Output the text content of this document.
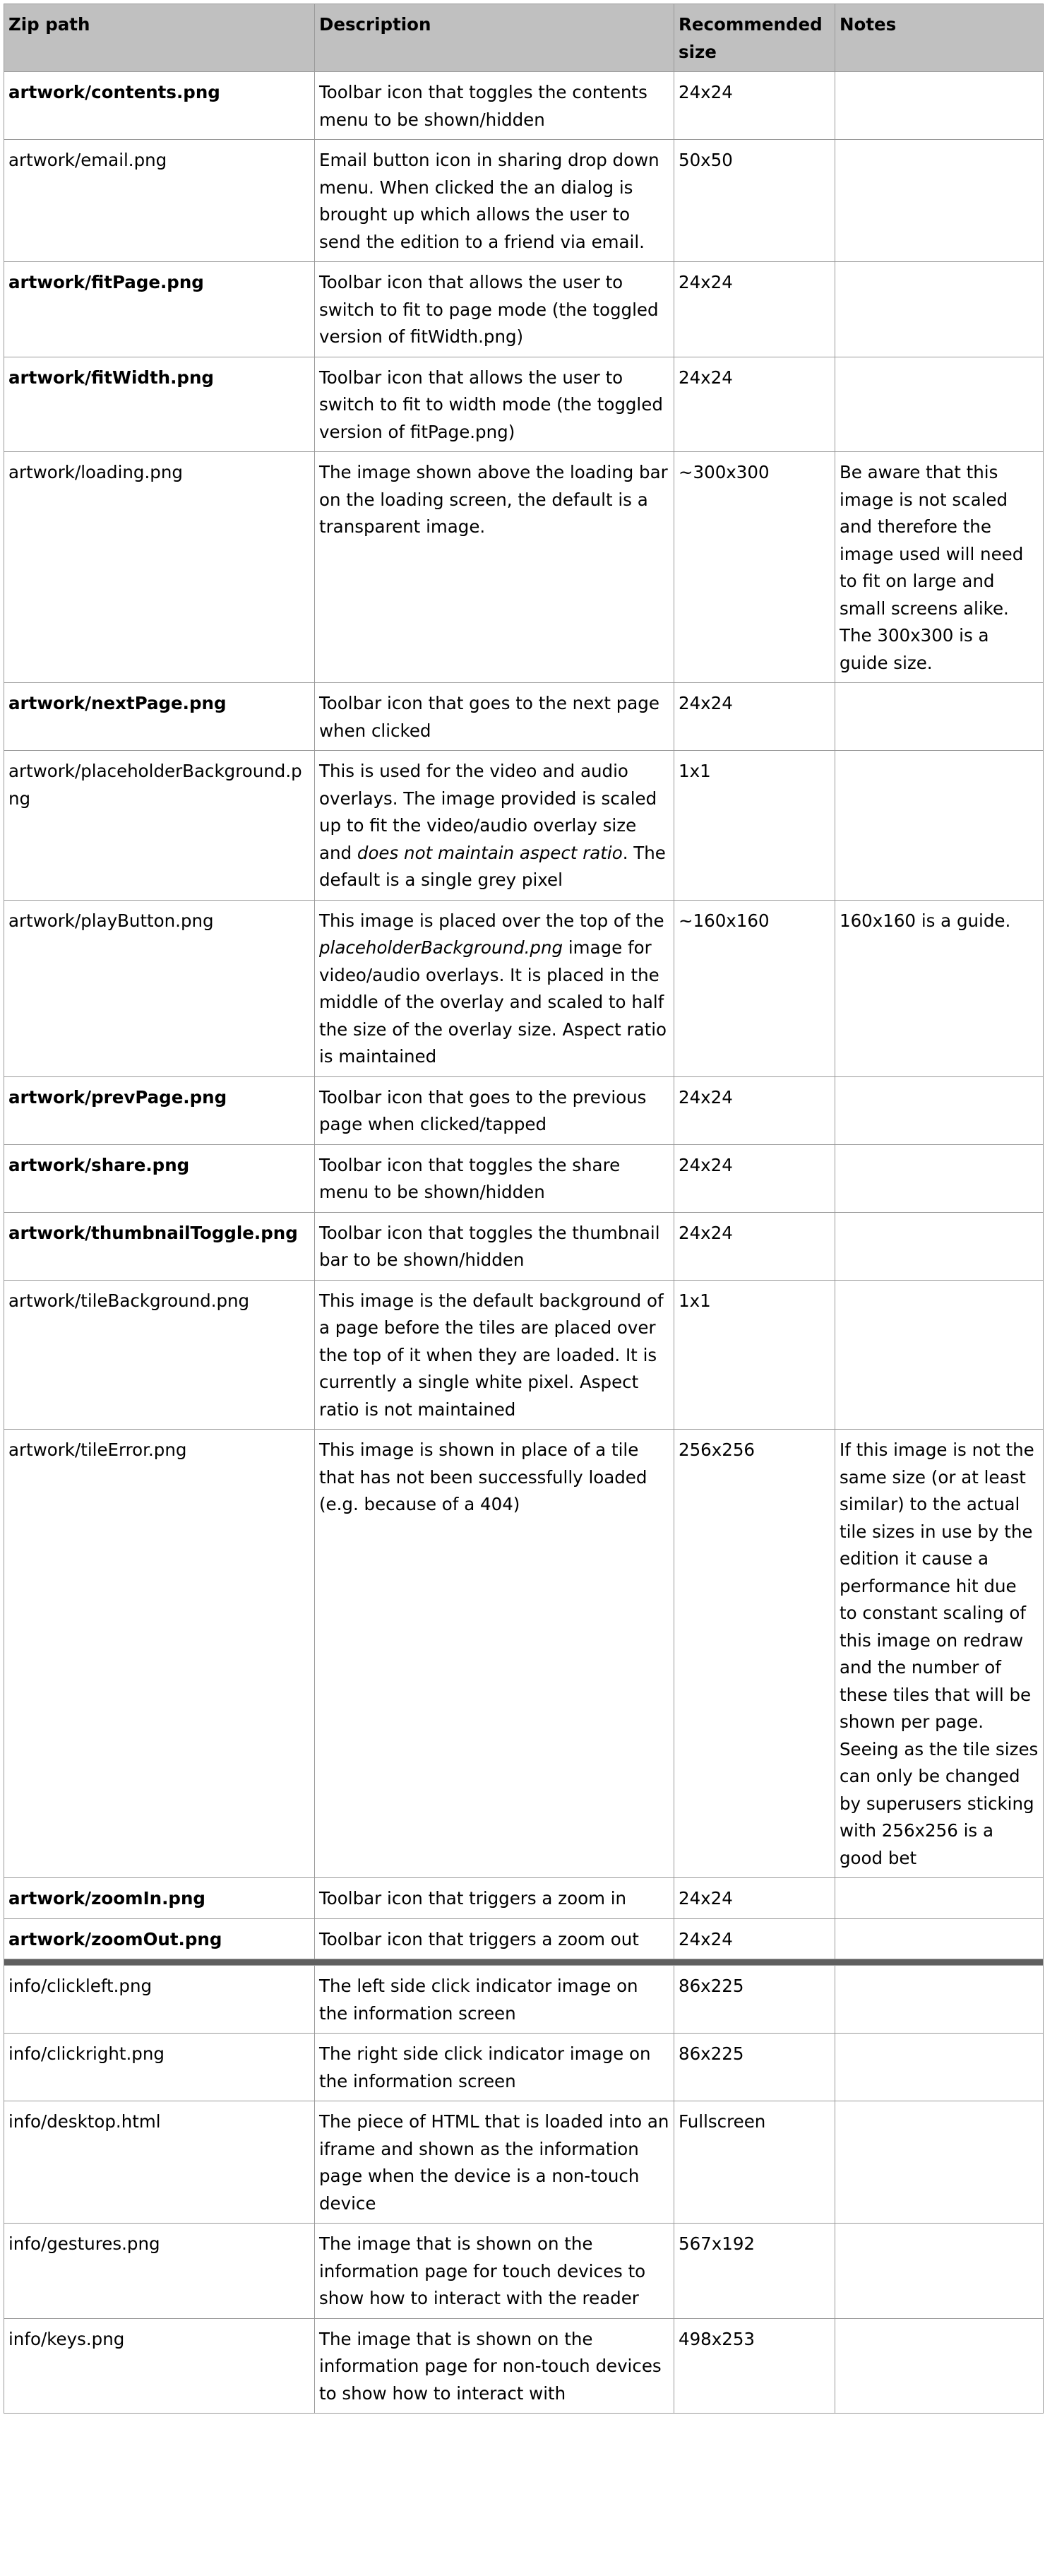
Zip path	Description	Recommended size	Notes
artwork/contents.png	Toolbar icon that toggles the contents menu to be shown/hidden	24x24	
artwork/email.png	Email button icon in sharing drop down menu. When clicked the an dialog is brought up which allows the user to send the edition to a friend via email.	50x50	
artwork/fitPage.png	Toolbar icon that allows the user to switch to fit to page mode (the toggled version of fitWidth.png)	24x24	
artwork/fitWidth.png	Toolbar icon that allows the user to switch to fit to width mode (the toggled version of fitPage.png)	24x24	
artwork/loading.png	The image shown above the loading bar on the loading screen, the default is a transparent image.	~300x300	Be aware that this image is not scaled and therefore the image used will need to fit on large and small screens alike. The 300x300 is a guide size.
artwork/nextPage.png	Toolbar icon that goes to the next page when clicked	24x24	
artwork/placeholderBackground.png	This is used for the video and audio overlays. The image provided is scaled up to fit the video/audio overlay size and does not maintain aspect ratio. The default is a single grey pixel	1x1	
artwork/playButton.png	This image is placed over the top of the placeholderBackground.png image for video/audio overlays. It is placed in the middle of the overlay and scaled to half the size of the overlay size. Aspect ratio is maintained	~160x160	160x160 is a guide.
artwork/prevPage.png	Toolbar icon that goes to the previous page when clicked/tapped	24x24	
artwork/share.png	Toolbar icon that toggles the share menu to be shown/hidden	24x24	
artwork/thumbnailToggle.png	Toolbar icon that toggles the thumbnail bar to be shown/hidden	24x24	
artwork/tileBackground.png	This image is the default background of a page before the tiles are placed over the top of it when they are loaded. It is currently a single white pixel. Aspect ratio is not maintained	1x1	
artwork/tileError.png	This image is shown in place of a tile that has not been successfully loaded (e.g. because of a 404)	256x256	If this image is not the same size (or at least similar) to the actual tile sizes in use by the edition it cause a performance hit due to constant scaling of this image on redraw and the number of these tiles that will be shown per page. Seeing as the tile sizes can only be changed by superusers sticking with 256x256 is a good bet
artwork/zoomIn.png	Toolbar icon that triggers a zoom in	24x24	
artwork/zoomOut.png	Toolbar icon that triggers a zoom out	24x24	

info/clickleft.png	The left side click indicator image on the information screen	86x225	
info/clickright.png	The right side click indicator image on the information screen	86x225	
info/desktop.html	The piece of HTML that is loaded into an iframe and shown as the information page when the device is a non-touch device	Fullscreen	
info/gestures.png	The image that is shown on the information page for touch devices to show how to interact with the reader	567x192	
info/keys.png	The image that is shown on the information page for non-touch devices to show how to interact with	498x253	
